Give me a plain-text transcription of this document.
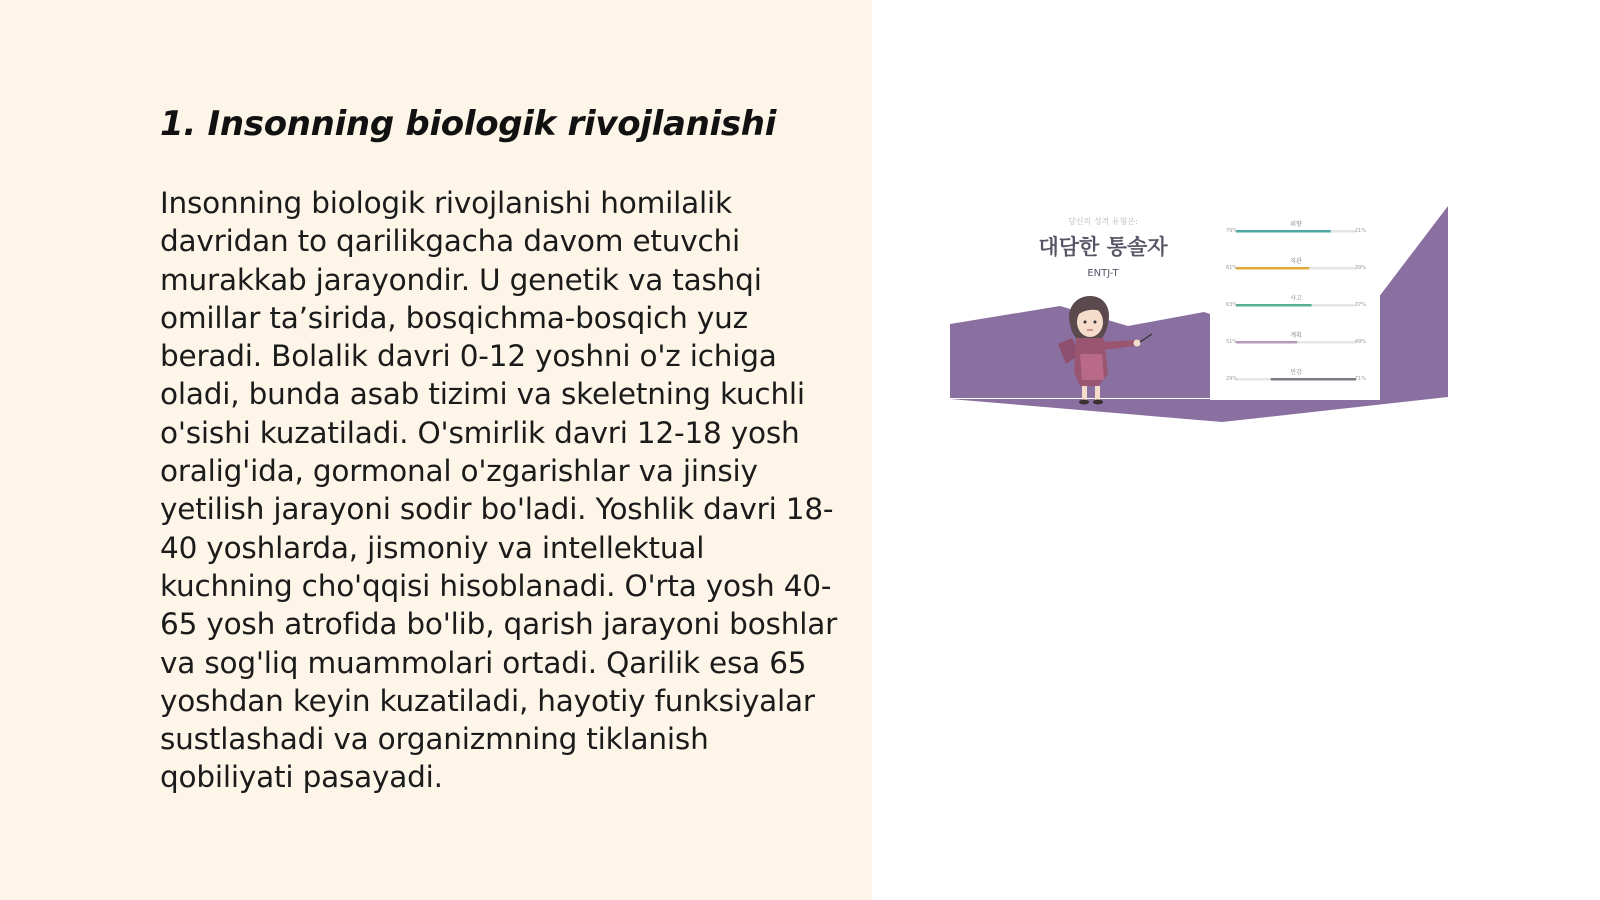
1. Insonning biologik rivojlanishi

Insonning biologik rivojlanishi homilalik davridan to qarilikgacha davom etuvchi murakkab jarayondir. U genetik va tashqi omillar ta’sirida, bosqichma-bosqich yuz beradi. Bolalik davri 0-12 yoshni o'z ichiga oladi, bunda asab tizimi va skeletning kuchli o'sishi kuzatiladi. O'smirlik davri 12-18 yosh oralig'ida, gormonal o'zgarishlar va jinsiy yetilish jarayoni sodir bo'ladi. Yoshlik davri 18-40 yoshlarda, jismoniy va intellektual kuchning cho'qqisi hisoblanadi. O'rta yosh 40-65 yosh atrofida bo'lib, qarish jarayoni boshlar va sog'liq muammolari ortadi. Qarilik esa 65 yoshdan keyin kuzatiladi, hayotiy funksiyalar sustlashadi va organizmning tiklanish qobiliyati pasayadi.

당신의 성격 유형은:
대담한 통솔자
ENTJ-T
외향
79%	21%
직관
61%	39%
사고
63%	37%
계획
51%	49%
민감
29%	71%
